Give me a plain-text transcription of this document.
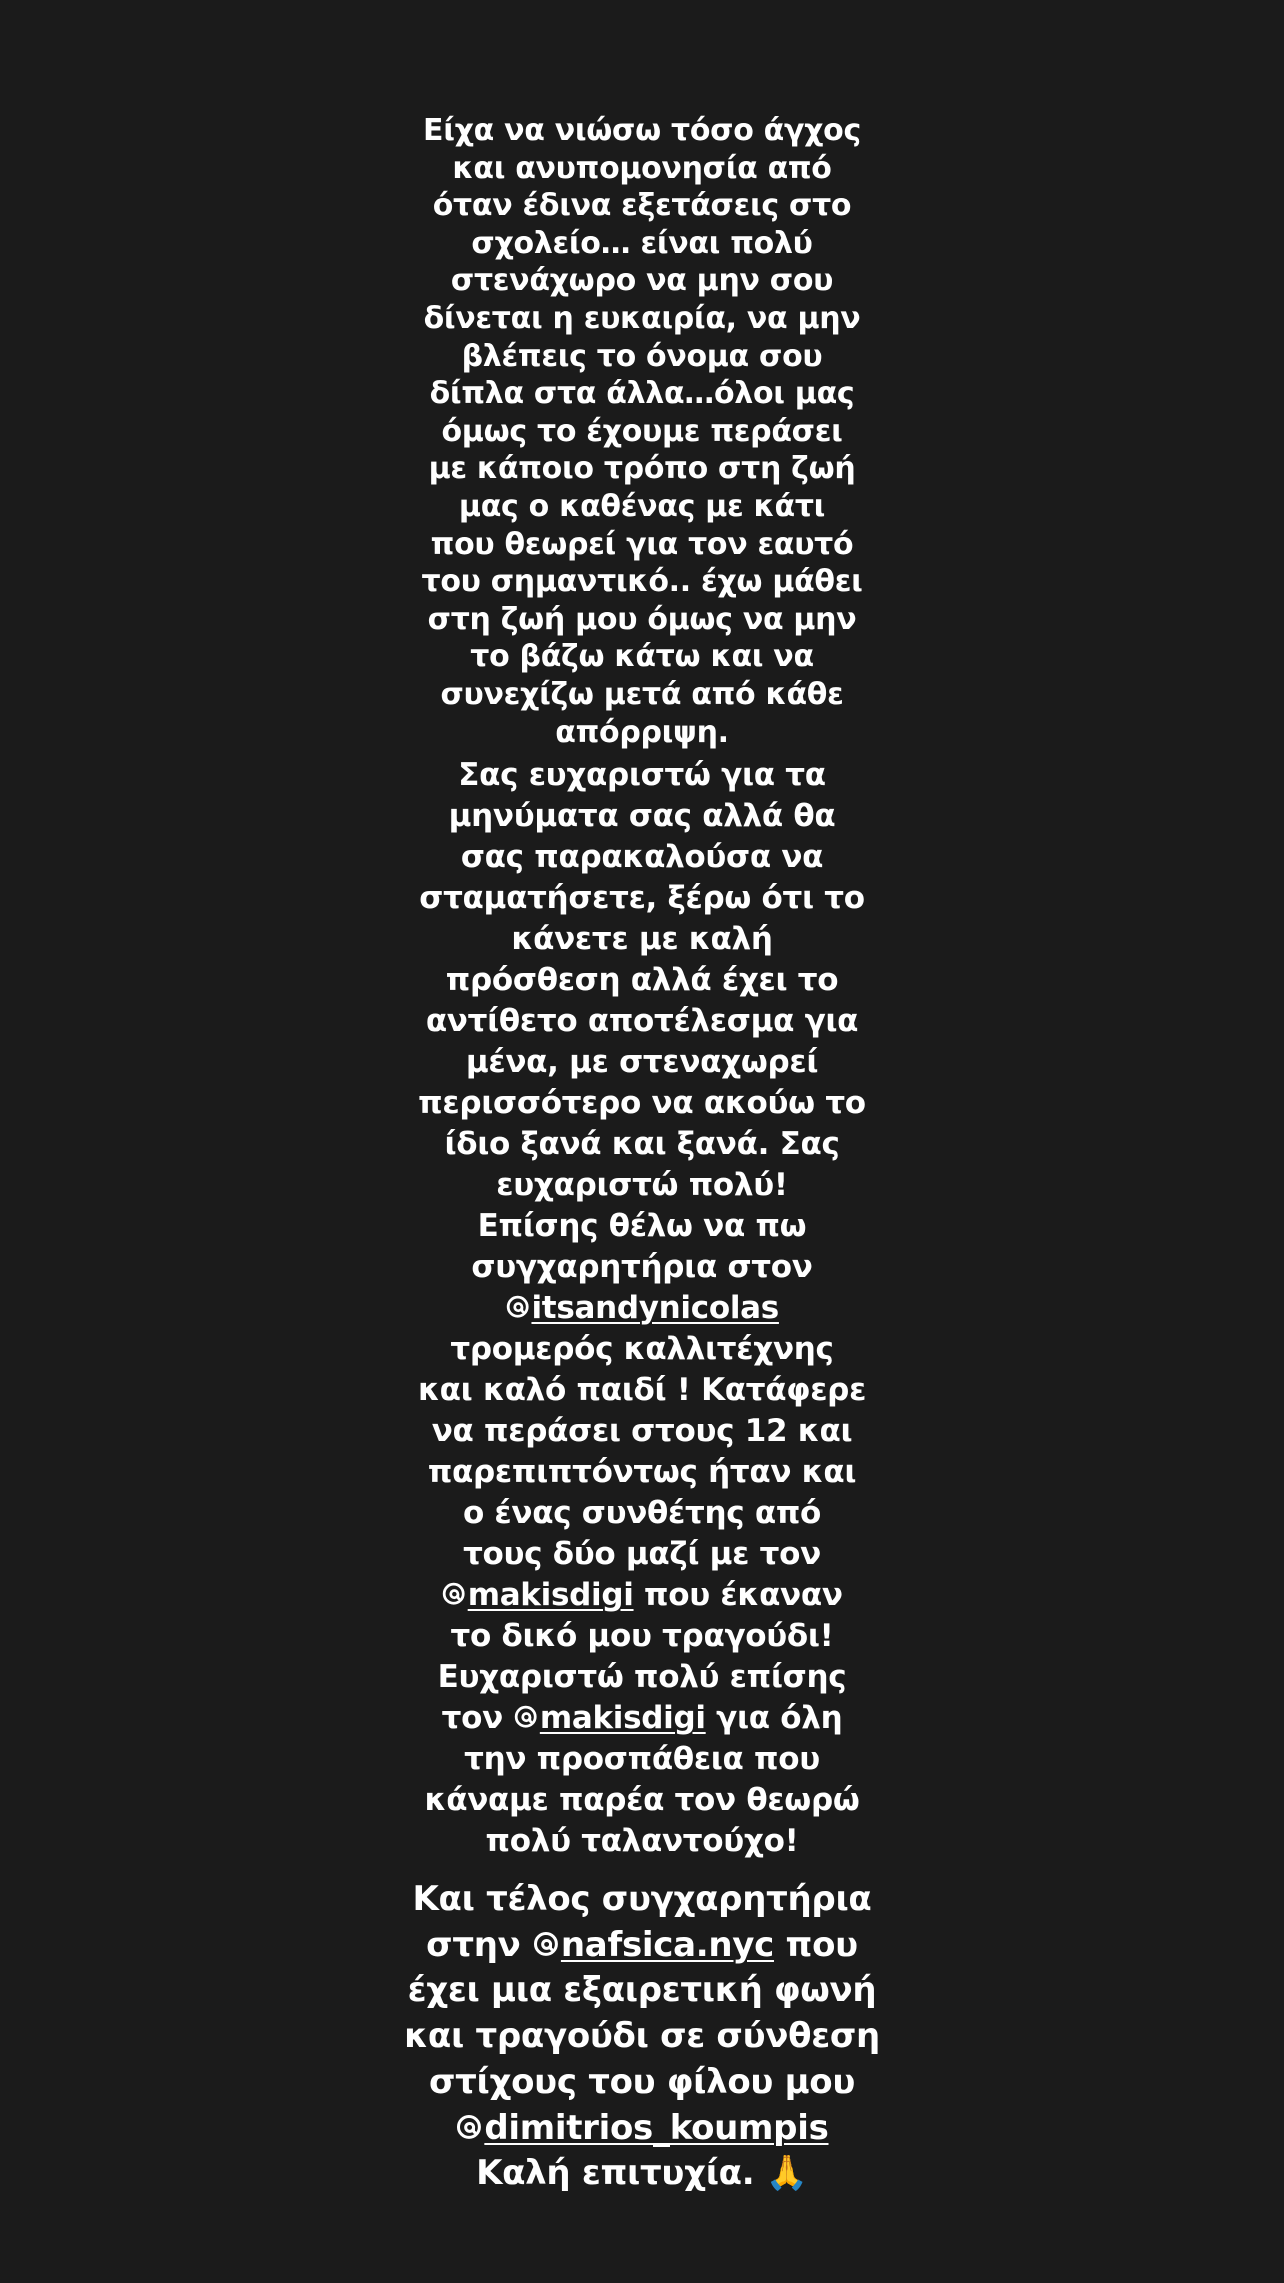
Είχα να νιώσω τόσο άγχος
και ανυπομονησία από
όταν έδινα εξετάσεις στο
σχολείο… είναι πολύ
στενάχωρο να μην σου
δίνεται η ευκαιρία, να μην
βλέπεις το όνομα σου
δίπλα στα άλλα…όλοι μας
όμως το έχουμε περάσει
με κάποιο τρόπο στη ζωή
μας ο καθένας με κάτι
που θεωρεί για τον εαυτό
του σημαντικό.. έχω μάθει
στη ζωή μου όμως να μην
το βάζω κάτω και να
συνεχίζω μετά από κάθε
απόρριψη.
Σας ευχαριστώ για τα
μηνύματα σας αλλά θα
σας παρακαλούσα να
σταματήσετε, ξέρω ότι το
κάνετε με καλή
πρόσθεση αλλά έχει το
αντίθετο αποτέλεσμα για
μένα, με στεναχωρεί
περισσότερο να ακούω το
ίδιο ξανά και ξανά. Σας
ευχαριστώ πολύ!
Επίσης θέλω να πω
συγχαρητήρια στον
itsandynicolas
τρομερός καλλιτέχνης
και καλό παιδί ! Κατάφερε
να περάσει στους 12 και
παρεπιπτόντως ήταν και
ο ένας συνθέτης από
τους δύο μαζί με τον
makisdigi που έκαναν
το δικό μου τραγούδι!
Ευχαριστώ πολύ επίσης
τον
makisdigi για όλη
την προσπάθεια που
κάναμε παρέα τον θεωρώ
πολύ ταλαντούχο!
Και τέλος συγχαρητήρια
στην
nafsica.nyc που
έχει μια εξαιρετική φωνή
και τραγούδι σε σύνθεση
στίχους του φίλου μου
dimitrios_koumpis
Καλή επιτυχία. 🙏
